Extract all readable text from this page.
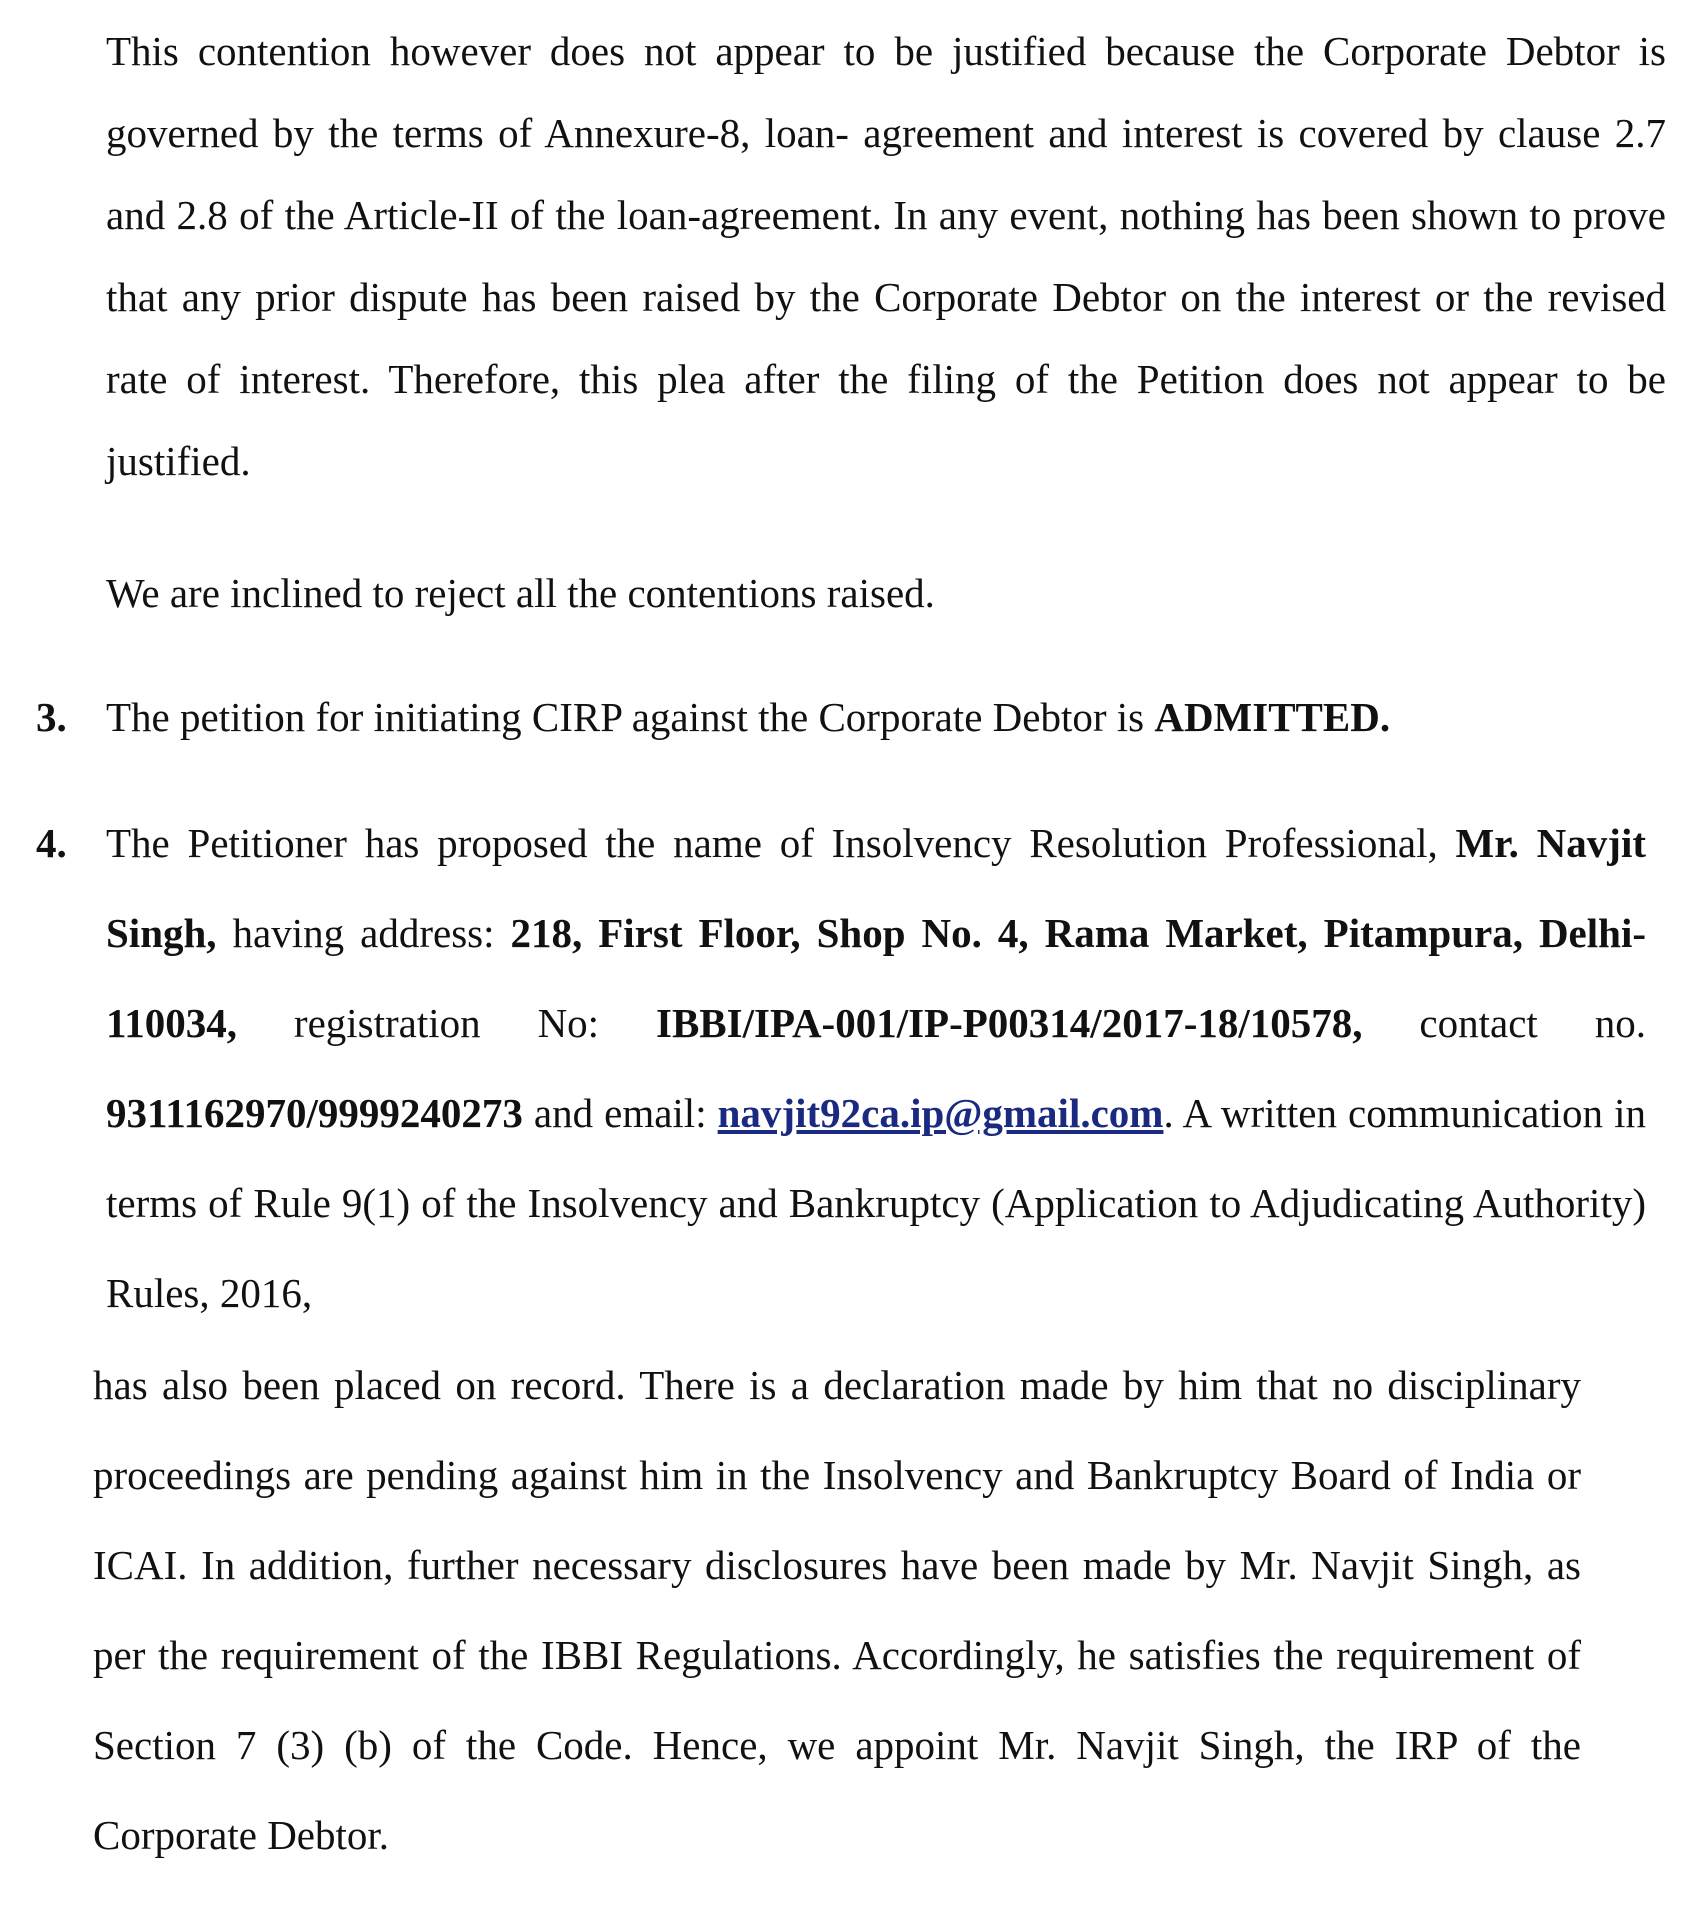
This contention however does not appear to be justified because the Corporate Debtor is governed by the terms of Annexure-8, loan- agreement and interest is covered by clause 2.7 and 2.8 of the Article-II of the loan-agreement. In any event, nothing has been shown to prove that any prior dispute has been raised by the Corporate Debtor on the interest or the revised rate of interest. Therefore, this plea after the filing of the Petition does not appear to be justified.

We are inclined to reject all the contentions raised.

3. The petition for initiating CIRP against the Corporate Debtor is ADMITTED.

4. The Petitioner has proposed the name of Insolvency Resolution Professional, Mr. Navjit Singh, having address: 218, First Floor, Shop No. 4, Rama Market, Pitampura, Delhi-110034, registration No: IBBI/IPA-001/IP-P00314/2017-18/10578, contact no. 9311162970/9999240273 and email: navjit92ca.ip@gmail.com. A written communication in terms of Rule 9(1) of the Insolvency and Bankruptcy (Application to Adjudicating Authority) Rules, 2016,

has also been placed on record. There is a declaration made by him that no disciplinary proceedings are pending against him in the Insolvency and Bankruptcy Board of India or ICAI. In addition, further necessary disclosures have been made by Mr. Navjit Singh, as per the requirement of the IBBI Regulations. Accordingly, he satisfies the requirement of Section 7 (3) (b) of the Code. Hence, we appoint Mr. Navjit Singh, the IRP of the Corporate Debtor.
